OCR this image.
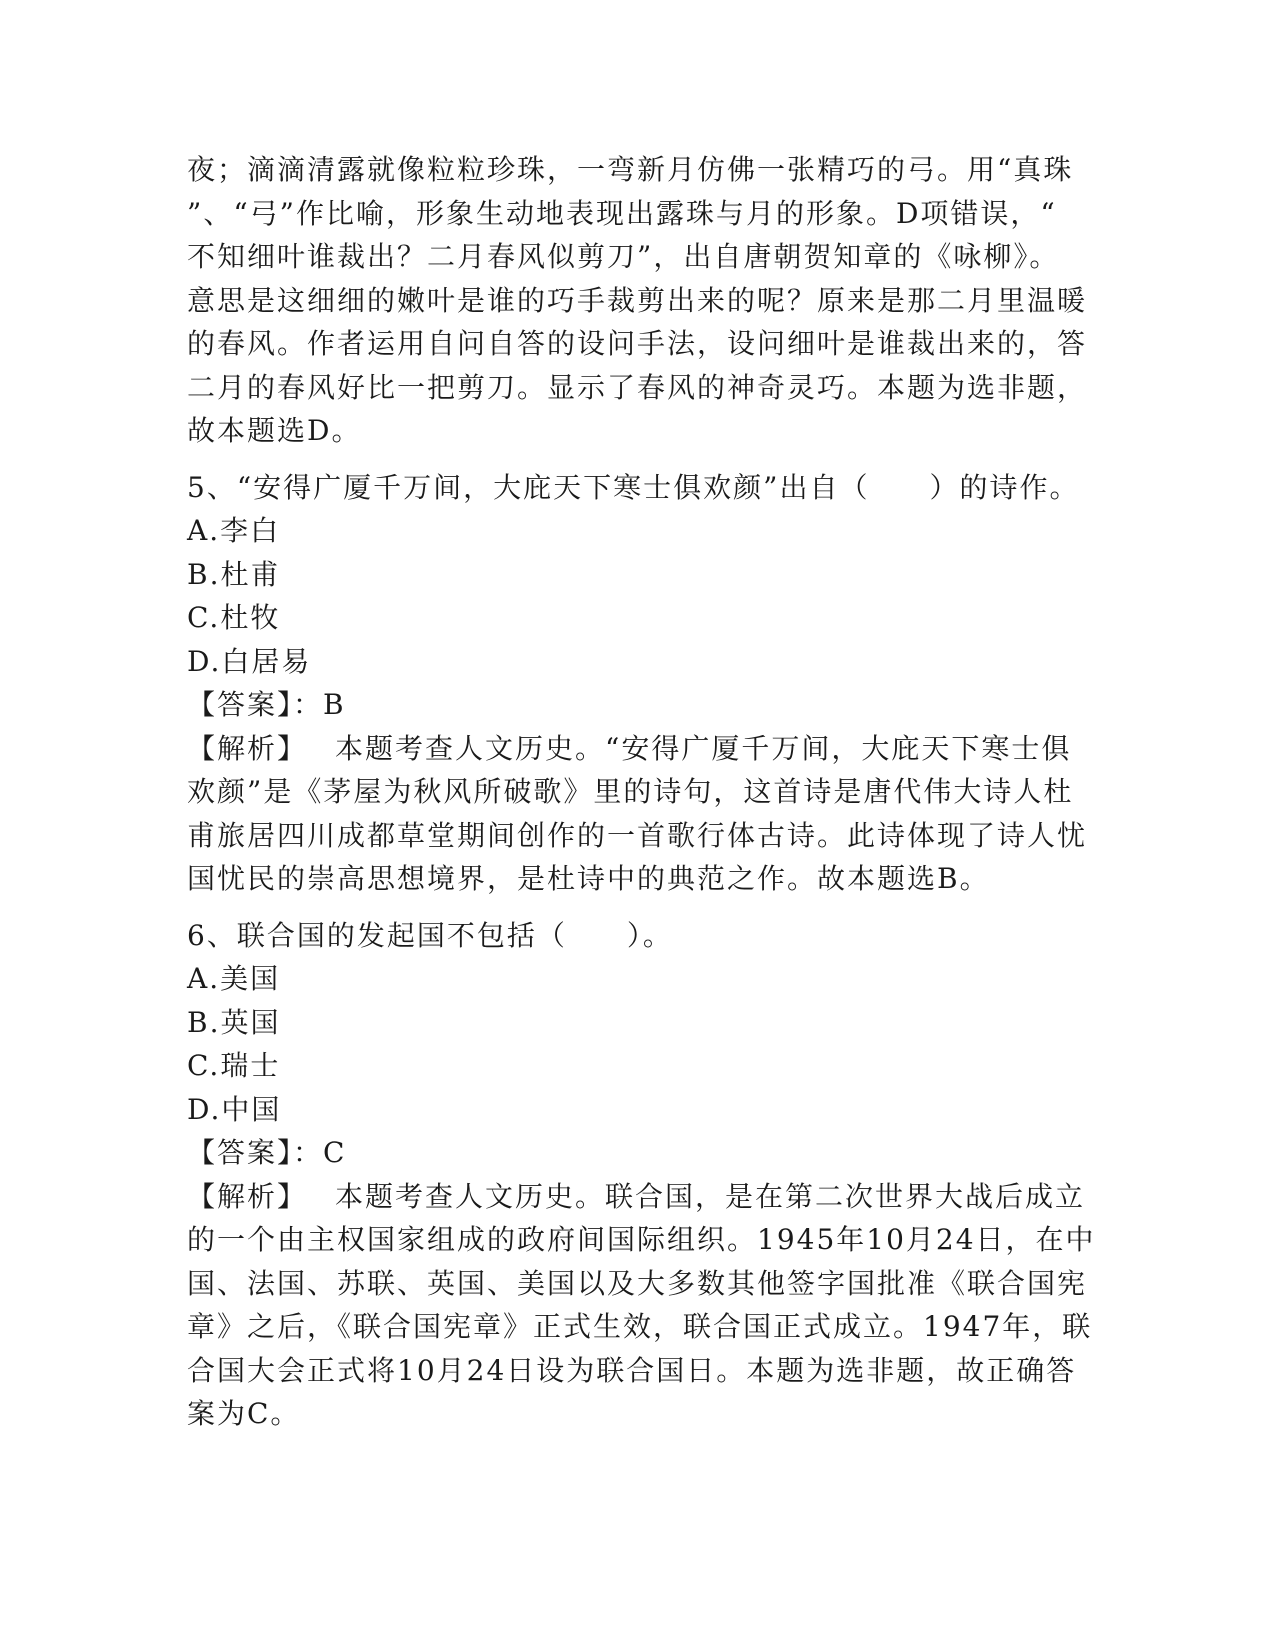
夜；滴滴清露就像粒粒珍珠，一弯新月仿佛一张精巧的弓。用“真珠
”、“弓”作比喻，形象生动地表现出露珠与月的形象。D项错误，“
不知细叶谁裁出？二月春风似剪刀”，出自唐朝贺知章的《咏柳》。
意思是这细细的嫩叶是谁的巧手裁剪出来的呢？原来是那二月里温暖
的春风。作者运用自问自答的设问手法，设问细叶是谁裁出来的，答
二月的春风好比一把剪刀。显示了春风的神奇灵巧。本题为选非题，
故本题选D。
5、“安得广厦千万间，大庇天下寒士俱欢颜”出自（　　）的诗作。
A.李白
B.杜甫
C.杜牧
D.白居易
【答案】：B
【解析】 本题考查人文历史。“安得广厦千万间，大庇天下寒士俱
欢颜”是《茅屋为秋风所破歌》里的诗句，这首诗是唐代伟大诗人杜
甫旅居四川成都草堂期间创作的一首歌行体古诗。此诗体现了诗人忧
国忧民的崇高思想境界，是杜诗中的典范之作。故本题选B。
6、联合国的发起国不包括（　　）。
A.美国
B.英国
C.瑞士
D.中国
【答案】：C
【解析】 本题考查人文历史。联合国，是在第二次世界大战后成立
的一个由主权国家组成的政府间国际组织。1945年10月24日，在中
国、法国、苏联、英国、美国以及大多数其他签字国批准《联合国宪
章》之后，《联合国宪章》正式生效，联合国正式成立。1947年，联
合国大会正式将10月24日设为联合国日。本题为选非题，故正确答
案为C。
